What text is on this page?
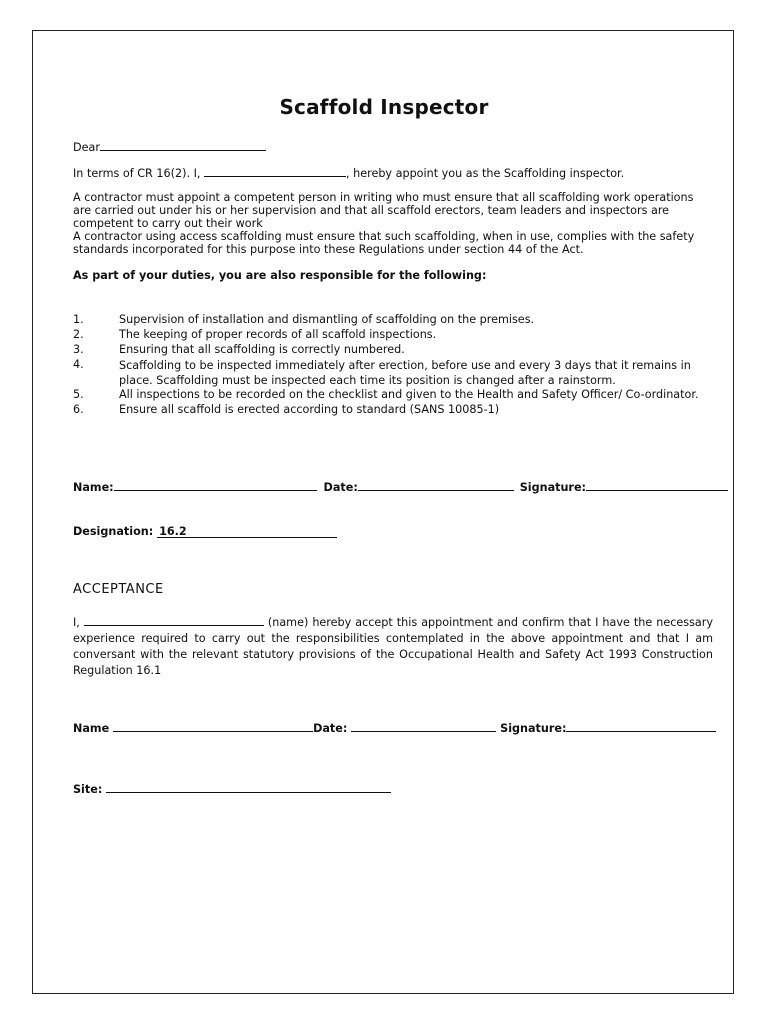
Scaffold Inspector
Dear
In terms of CR 16(2). I,	, hereby appoint you as the Scaffolding inspector.
A contractor must appoint a competent person in writing who must ensure that all scaffolding work operations are carried out under his or her supervision and that all scaffold erectors, team leaders and inspectors are competent to carry out their work
A contractor using access scaffolding must ensure that such scaffolding, when in use, complies with the safety standards incorporated for this purpose into these Regulations under section 44 of the Act.
As part of your duties, you are also responsible for the following:
1.	Supervision of installation and dismantling of scaffolding on the premises.
2.	The keeping of proper records of all scaffold inspections.
3.	Ensuring that all scaffolding is correctly numbered.
4.	Scaffolding to be inspected immediately after erection, before use and every 3 days that it remains in place. Scaffolding must be inspected each time its position is changed after a rainstorm.
5.	All inspections to be recorded on the checklist and given to the Health and Safety Officer/ Co-ordinator.
6.	Ensure all scaffold is erected according to standard (SANS 10085-1)
Name:	Date:	Signature:
Designation: 16.2
ACCEPTANCE
I,	(name) hereby accept this appointment and confirm that I have the necessary experience required to carry out the responsibilities contemplated in the above appointment and that I am conversant with the relevant statutory provisions of the Occupational Health and Safety Act 1993 Construction Regulation 16.1
Name	Date:	Signature:
Site:
